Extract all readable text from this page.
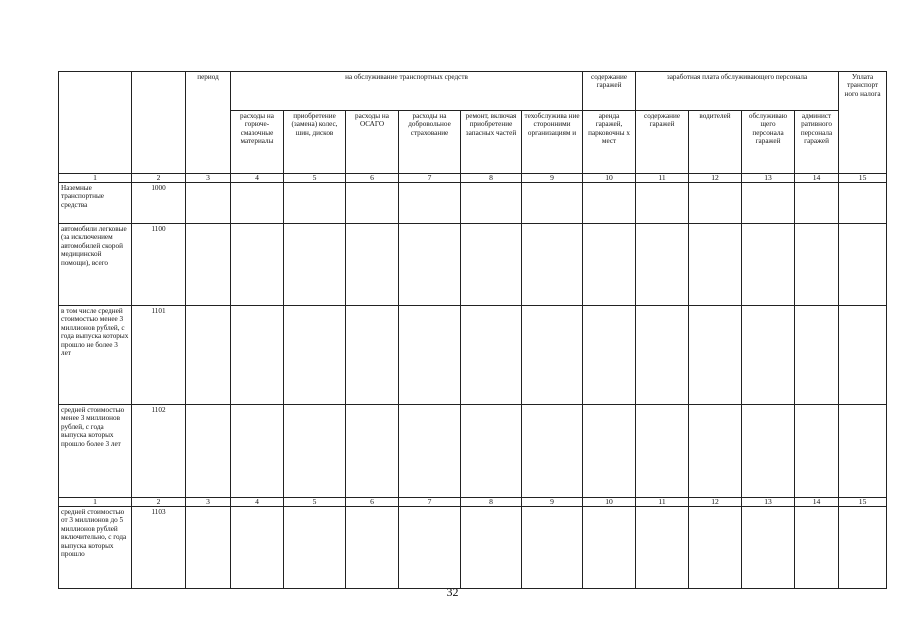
		период	на обслуживание транспортных средств						содержание гаражей	заработная плата обслуживающего персонала				Уплата транспорт ного налога
			расходы на горюче-смазочные материалы	приобретение (замена) колес, шин, дисков	расходы на ОСАГО	расходы на добровольное страхование	ремонт, включая приобретение запасных частей	техобслужива ние сторонними организациям и	аренда гаражей, парковочны х мест	содержание гаражей	водителей	обслуживаю щего персонала гаражей	админист ративного персонала гаражей	
1	2	3	4	5	6	7	8	9	10	11	12	13	14	15
Наземные транспортные средства	1000													
автомобили легковые (за исключением автомобилей скорой медицинской помощи), всего	1100													
в том числе средней стоимостью менее 3 миллионов рублей, с года выпуска которых прошло не более 3 лет	1101													
средней стоимостью менее 3 миллионов рублей, с года выпуска которых прошло более 3 лет	1102													
1	2	3	4	5	6	7	8	9	10	11	12	13	14	15
средней стоимостью от 3 миллионов до 5 миллионов рублей включительно, с года выпуска которых прошло	1103													
32
